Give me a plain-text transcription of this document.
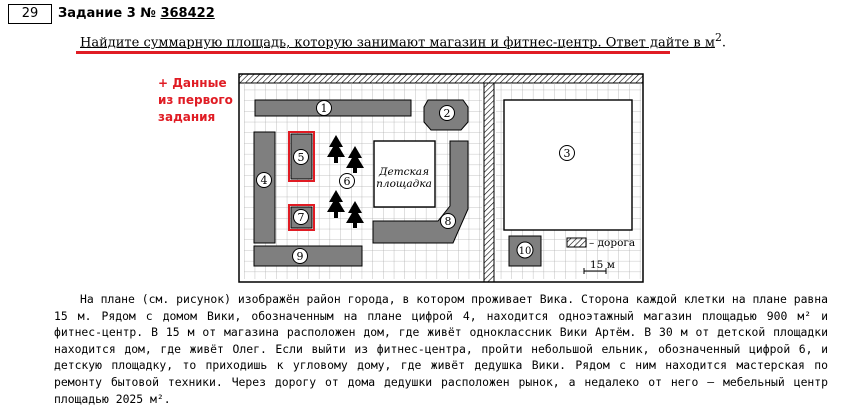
29	Задание 3 № 368422
Найдите суммарную площадь, которую занимают магазин и фитнес-центр. Ответ дайте в $м^2$.
+ Данные
из первого
задания
1	2
3
4
5
6
Детская
площадка
7	8
9	10
– дорога
15 м
На плане (см. рисунок) изображён район города, в котором проживает Вика. Сторона каждой клетки на плане равна 15 м. Рядом с домом Вики, обозначенным на плане цифрой 4, находится одноэтажный магазин площадью 900 м² и фитнес-центр. В 15 м от магазина расположен дом, где живёт одноклассник Вики Артём. В 30 м от детской площадки находится дом, где живёт Олег. Если выйти из фитнес-центра, пройти небольшой ельник, обозначенный цифрой 6, и детскую площадку, то приходишь к угловому дому, где живёт дедушка Вики. Рядом с ним находится мастерская по ремонту бытовой техники. Через дорогу от дома дедушки расположен рынок, а недалеко от него – мебельный центр площадью 2025 м².
